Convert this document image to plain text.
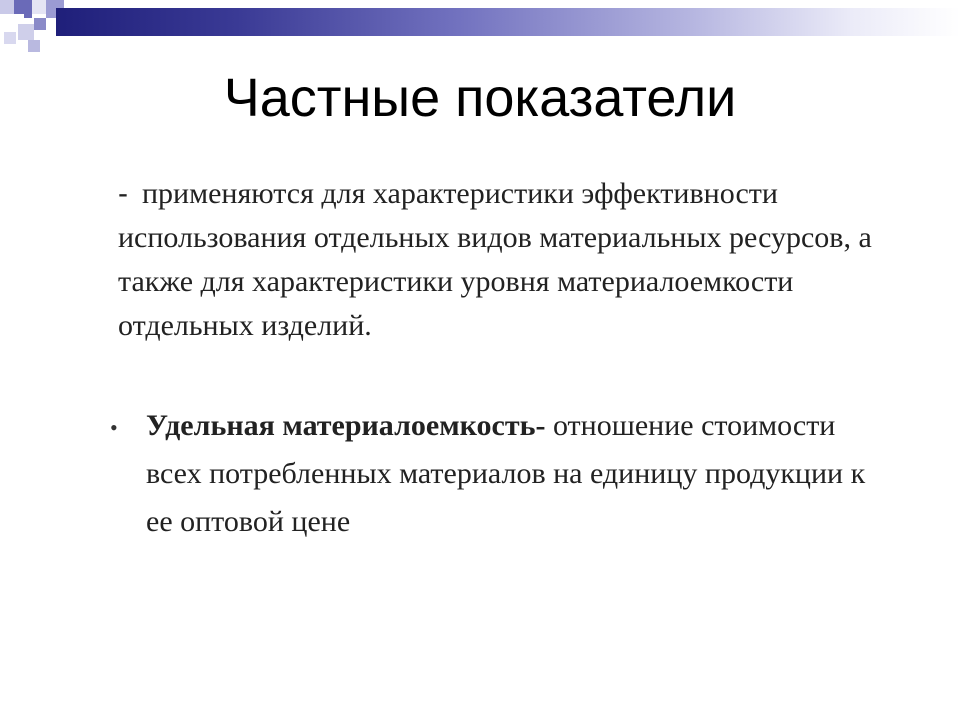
Частные показатели
- применяются для характеристики эффективности использования отдельных видов материальных ресурсов, а также для характеристики уровня материалоемкости отдельных изделий.
• Удельная материалоемкость- отношение стоимости всех потребленных материалов на единицу продукции к ее оптовой цене
